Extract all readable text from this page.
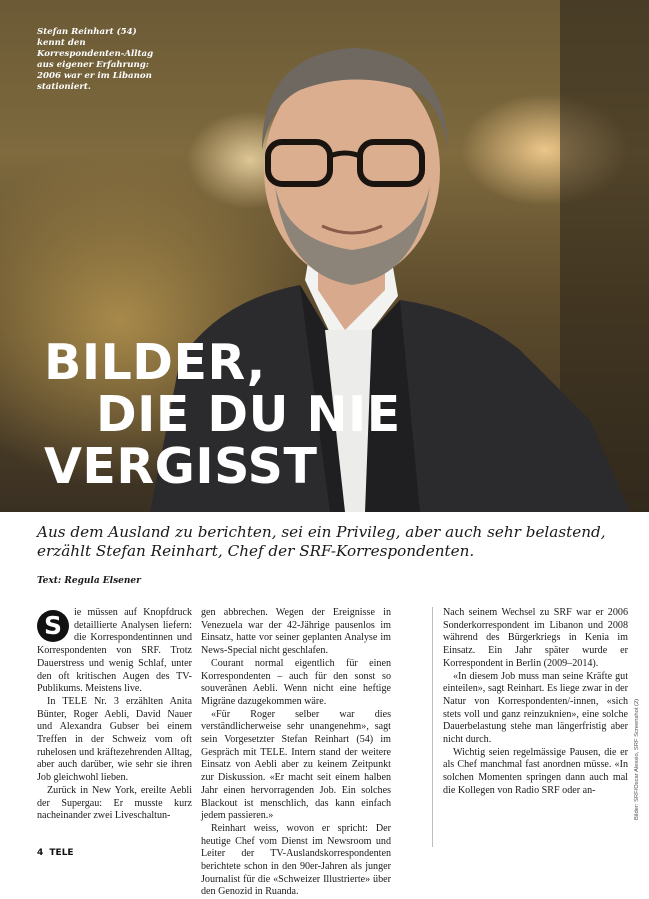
Stefan Reinhart (54) kennt den Korrespondenten-Alltag aus eigener Erfahrung: 2006 war er im Libanon stationiert.
BILDER,
DIE DU NIE
VERGISST

Aus dem Ausland zu berichten, sei ein Privileg, aber auch sehr belastend, erzählt Stefan Reinhart, Chef der SRF-Korrespondenten.

Text: Regula Elsener

S	ie müssen auf Knopfdruck detaillierte Analysen liefern: die Korrespondentinnen und Korrespondenten von SRF. Trotz Dauerstress und wenig Schlaf, unter den oft kritischen Augen des TV-Publikums. Meistens live.

In TELE Nr. 3 erzählten Anita Bünter, Roger Aebli, David Nauer und Alexandra Gubser bei einem Treffen in der Schweiz vom oft ruhelosen und kräftezehrenden Alltag, aber auch darüber, wie sehr sie ihren Job gleichwohl lieben.

Zurück in New York, ereilte Aebli der Supergau: Er musste kurz nacheinander zwei Liveschaltun-

gen abbrechen. Wegen der Ereignisse in Venezuela war der 42-Jährige pausenlos im Einsatz, hatte vor seiner geplanten Analyse im News-Special nicht geschlafen.

Courant normal eigentlich für einen Korrespondenten – auch für den sonst so souveränen Aebli. Wenn nicht eine heftige Migräne dazugekommen wäre.

«Für Roger selber war dies verständlicherweise sehr unangenehm», sagt sein Vorgesetzter Stefan Reinhart (54) im Gespräch mit TELE. Intern stand der weitere Einsatz von Aebli aber zu keinem Zeitpunkt zur Diskussion. «Er macht seit einem halben Jahr einen hervorragenden Job. Ein solches Blackout ist menschlich, das kann einfach jedem passieren.»

Reinhart weiss, wovon er spricht: Der heutige Chef vom Dienst im Newsroom und Leiter der TV-Auslandskorrespondenten berichtete schon in den 90er-Jahren als junger Journalist für die «Schweizer Illustrierte» über den Genozid in Ruanda.

Nach seinem Wechsel zu SRF war er 2006 Sonderkorrespondent im Libanon und 2008 während des Bürgerkriegs in Kenia im Einsatz. Ein Jahr später wurde er Korrespondent in Berlin (2009–2014).

«In diesem Job muss man seine Kräfte gut einteilen», sagt Reinhart. Es liege zwar in der Natur von Korrespondenten/-innen, «sich stets voll und ganz reinzuknien», eine solche Dauerbelastung stehe man längerfristig aber nicht durch.

Wichtig seien regelmässige Pausen, die er als Chef manchmal fast anordnen müsse. «In solchen Momenten springen dann auch mal die Kollegen von Radio SRF oder an-	Bilder: SRF/Oscar Alessio, SRF Screenshot (2)
4 TELE
